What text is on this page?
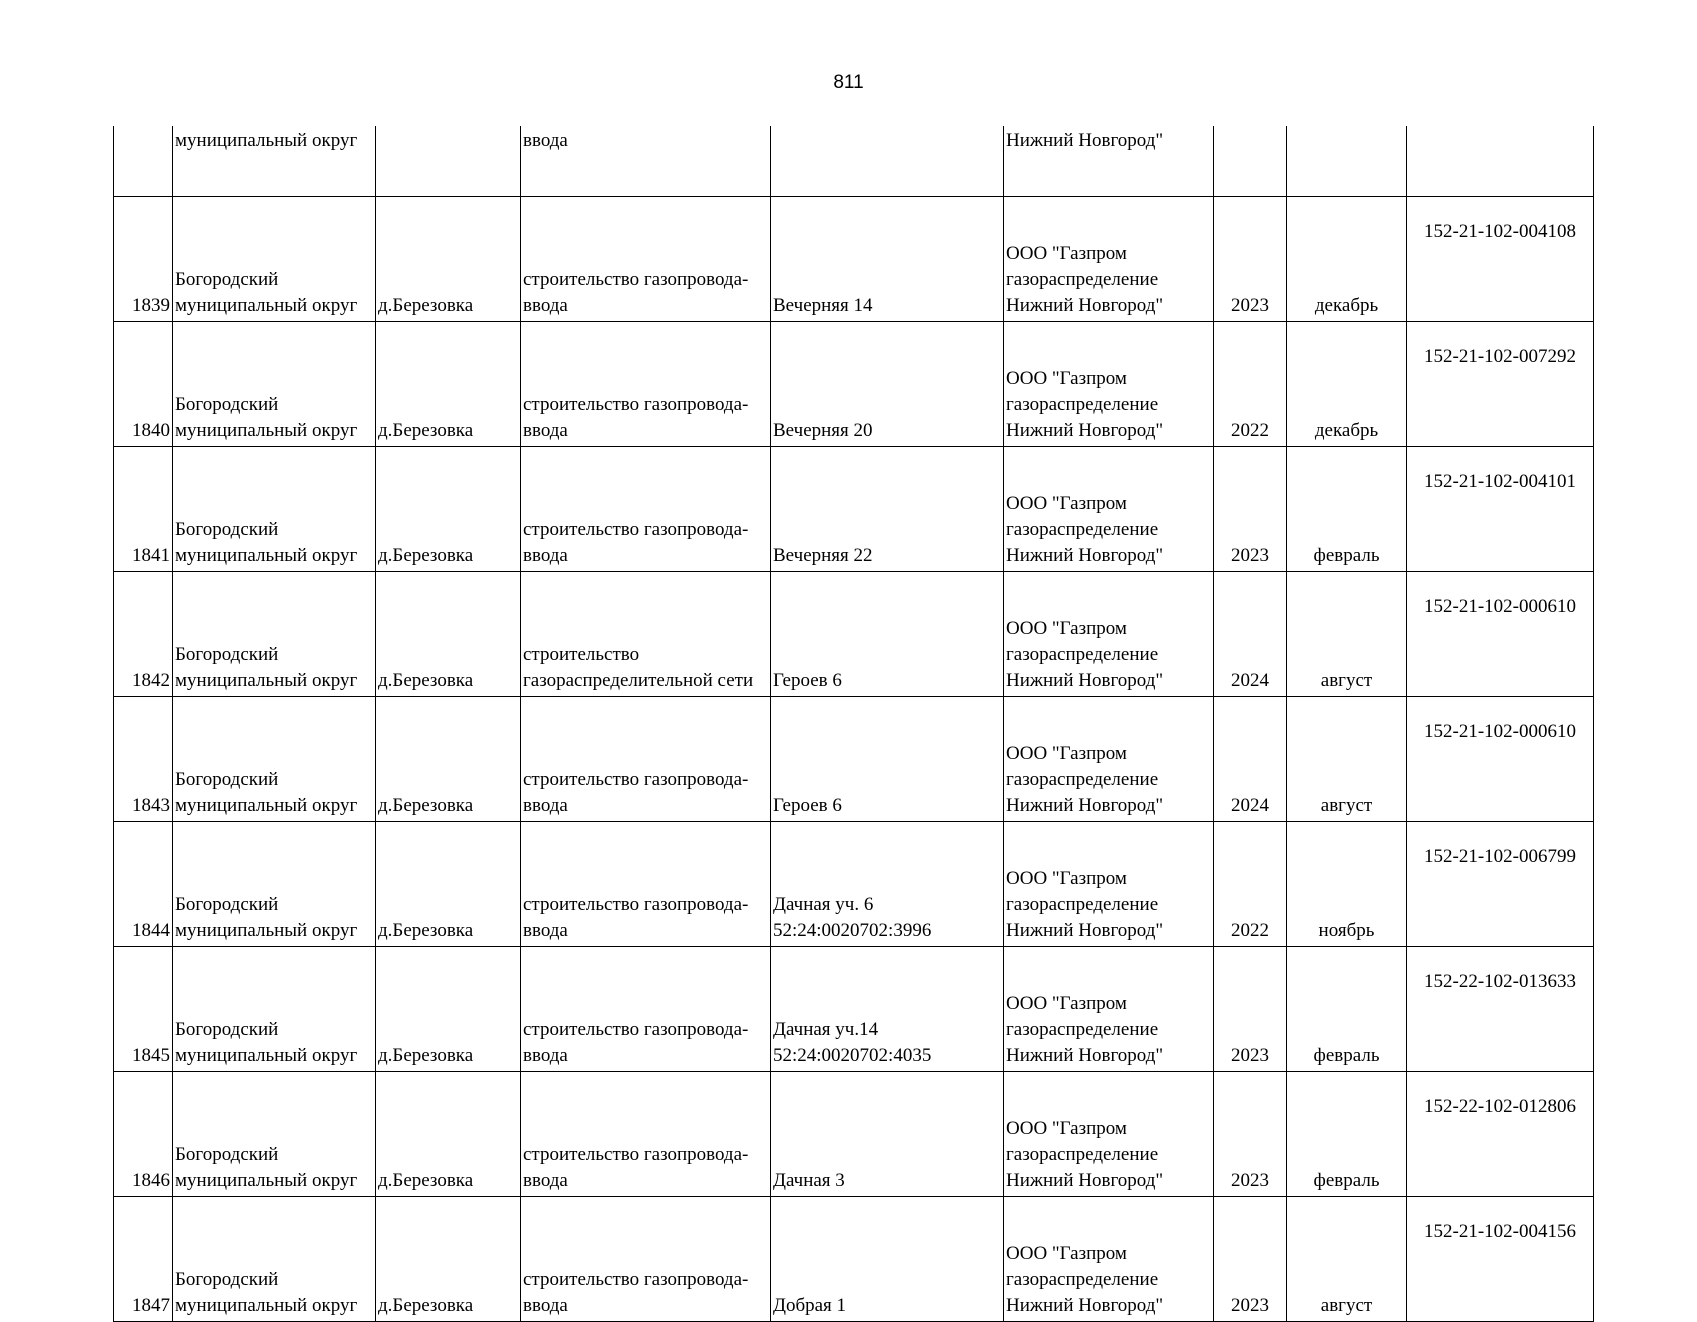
811
	муниципальный округ		ввода		Нижний Новгород"			
1839	Богородский
муниципальный округ	д.Березовка	строительство газопровода-
ввода	Вечерняя 14	ООО "Газпром
газораспределение
Нижний Новгород"	2023	декабрь	152-21-102-004108
1840	Богородский
муниципальный округ	д.Березовка	строительство газопровода-
ввода	Вечерняя 20	ООО "Газпром
газораспределение
Нижний Новгород"	2022	декабрь	152-21-102-007292
1841	Богородский
муниципальный округ	д.Березовка	строительство газопровода-
ввода	Вечерняя 22	ООО "Газпром
газораспределение
Нижний Новгород"	2023	февраль	152-21-102-004101
1842	Богородский
муниципальный округ	д.Березовка	строительство
газораспределительной сети	Героев 6	ООО "Газпром
газораспределение
Нижний Новгород"	2024	август	152-21-102-000610
1843	Богородский
муниципальный округ	д.Березовка	строительство газопровода-
ввода	Героев 6	ООО "Газпром
газораспределение
Нижний Новгород"	2024	август	152-21-102-000610
1844	Богородский
муниципальный округ	д.Березовка	строительство газопровода-
ввода	Дачная уч. 6
52:24:0020702:3996	ООО "Газпром
газораспределение
Нижний Новгород"	2022	ноябрь	152-21-102-006799
1845	Богородский
муниципальный округ	д.Березовка	строительство газопровода-
ввода	Дачная уч.14
52:24:0020702:4035	ООО "Газпром
газораспределение
Нижний Новгород"	2023	февраль	152-22-102-013633
1846	Богородский
муниципальный округ	д.Березовка	строительство газопровода-
ввода	Дачная 3	ООО "Газпром
газораспределение
Нижний Новгород"	2023	февраль	152-22-102-012806
1847	Богородский
муниципальный округ	д.Березовка	строительство газопровода-
ввода	Добрая 1	ООО "Газпром
газораспределение
Нижний Новгород"	2023	август	152-21-102-004156
